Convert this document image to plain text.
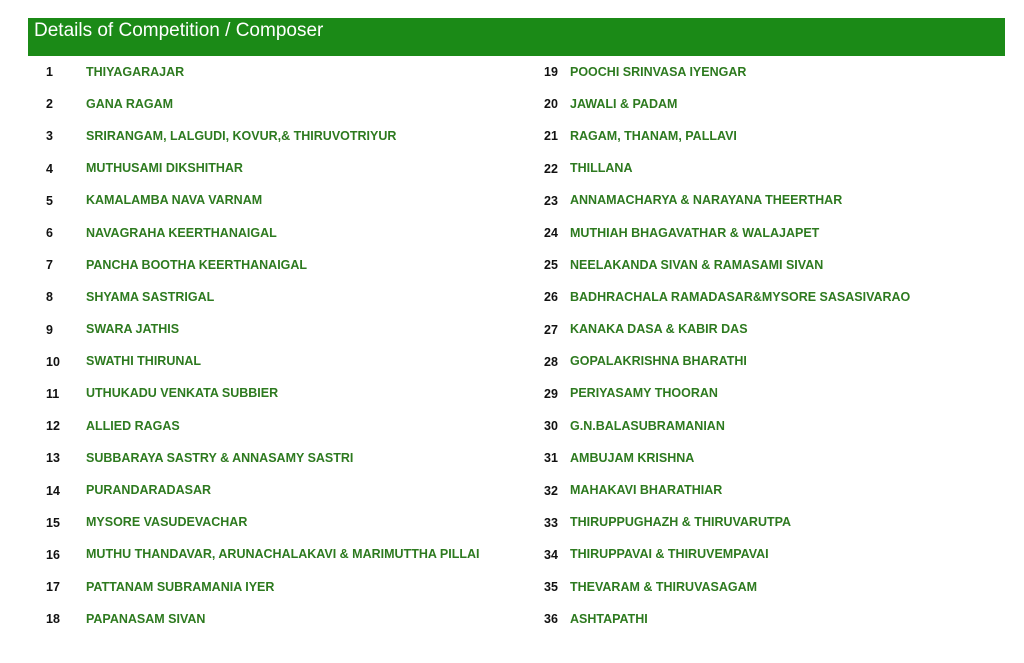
Details of Competition / Composer
1	THIYAGARAJAR
2	GANA RAGAM
3	SRIRANGAM, LALGUDI, KOVUR,& THIRUVOTRIYUR
4	MUTHUSAMI DIKSHITHAR
5	KAMALAMBA NAVA VARNAM
6	NAVAGRAHA KEERTHANAIGAL
7	PANCHA BOOTHA KEERTHANAIGAL
8	SHYAMA SASTRIGAL
9	SWARA JATHIS
10	SWATHI THIRUNAL
11	UTHUKADU VENKATA SUBBIER
12	ALLIED RAGAS
13	SUBBARAYA SASTRY & ANNASAMY SASTRI
14	PURANDARADASAR
15	MYSORE VASUDEVACHAR
16	MUTHU THANDAVAR, ARUNACHALAKAVI & MARIMUTTHA PILLAI
17	PATTANAM SUBRAMANIA IYER
18	PAPANASAM SIVAN
19 POOCHI SRINVASA IYENGAR
20 JAWALI & PADAM
21 RAGAM, THANAM, PALLAVI
22 THILLANA
23 ANNAMACHARYA & NARAYANA THEERTHAR
24 MUTHIAH BHAGAVATHAR & WALAJAPET
25 NEELAKANDA SIVAN & RAMASAMI SIVAN
26 BADHRACHALA RAMADASAR&MYSORE SASASIVARAO
27 KANAKA DASA & KABIR DAS
28 GOPALAKRISHNA BHARATHI
29 PERIYASAMY THOORAN
30 G.N.BALASUBRAMANIAN
31 AMBUJAM KRISHNA
32 MAHAKAVI BHARATHIAR
33 THIRUPPUGHAZH & THIRUVARUTPA
34 THIRUPPAVAI & THIRUVEMPAVAI
35 THEVARAM & THIRUVASAGAM
36 ASHTAPATHI
